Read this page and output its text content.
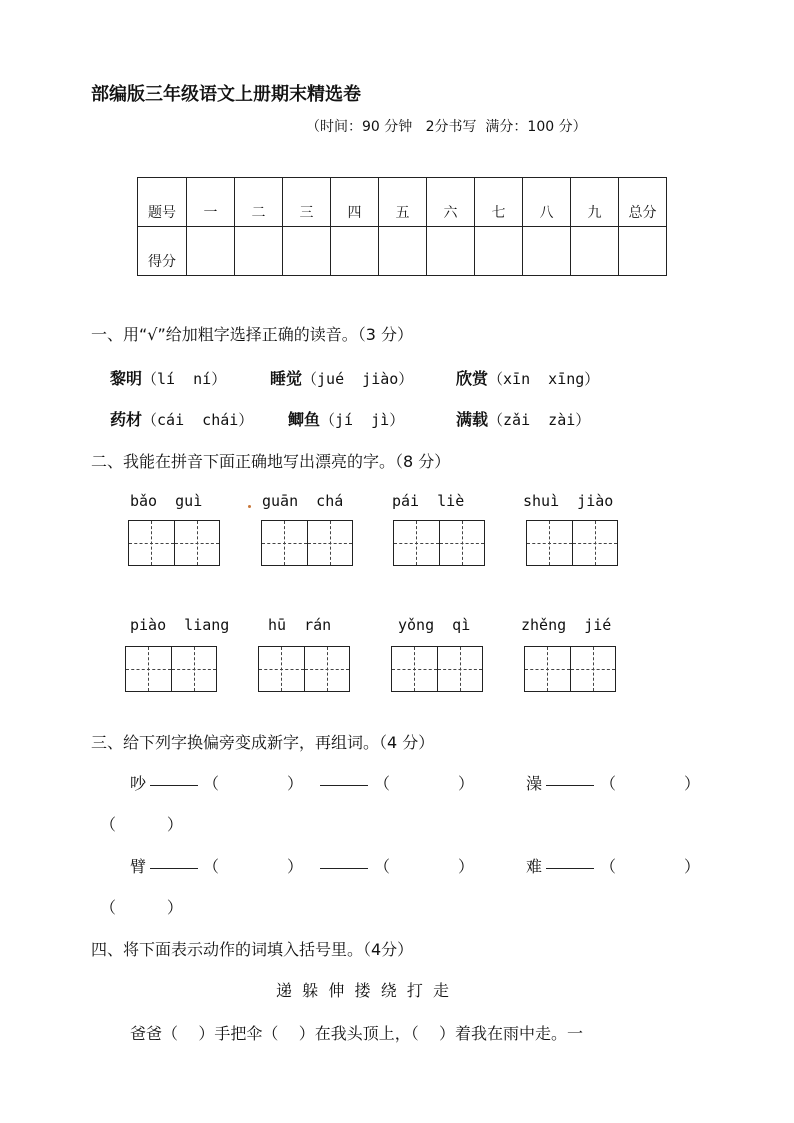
部编版三年级语文上册期末精选卷
（时间：90 分钟   2分书写  满分：100 分）
题号	一	二	三	四	五	六	七	八	九	总分
得分										
一、用“√”给加粗字选择正确的读音。（3 分）
黎明（lí  ní）	睡觉（jué  jiào）	欣赏（xīn  xīng）
药材（cái  chái） 鲫鱼（jí  jì）	满载（zǎi  zài）
二、我能在拼音下面正确地写出漂亮的字。（8 分）
bǎo  guì	guān  chá	pái  liè	shuì  jiào
piào  liang	hū  rán	yǒng  qì	zhěng  jié
三、给下列字换偏旁变成新字，再组词。（4 分）
吵	（	）	（	）	澡	（	）
（          ）
臂	（	）	（	）	难	（	）
（          ）
四、将下面表示动作的词填入括号里。（4分）
递  躲  伸  搂  绕  打  走
爸爸（    ）手把伞（    ）在我头顶上，（    ）着我在雨中走。一
